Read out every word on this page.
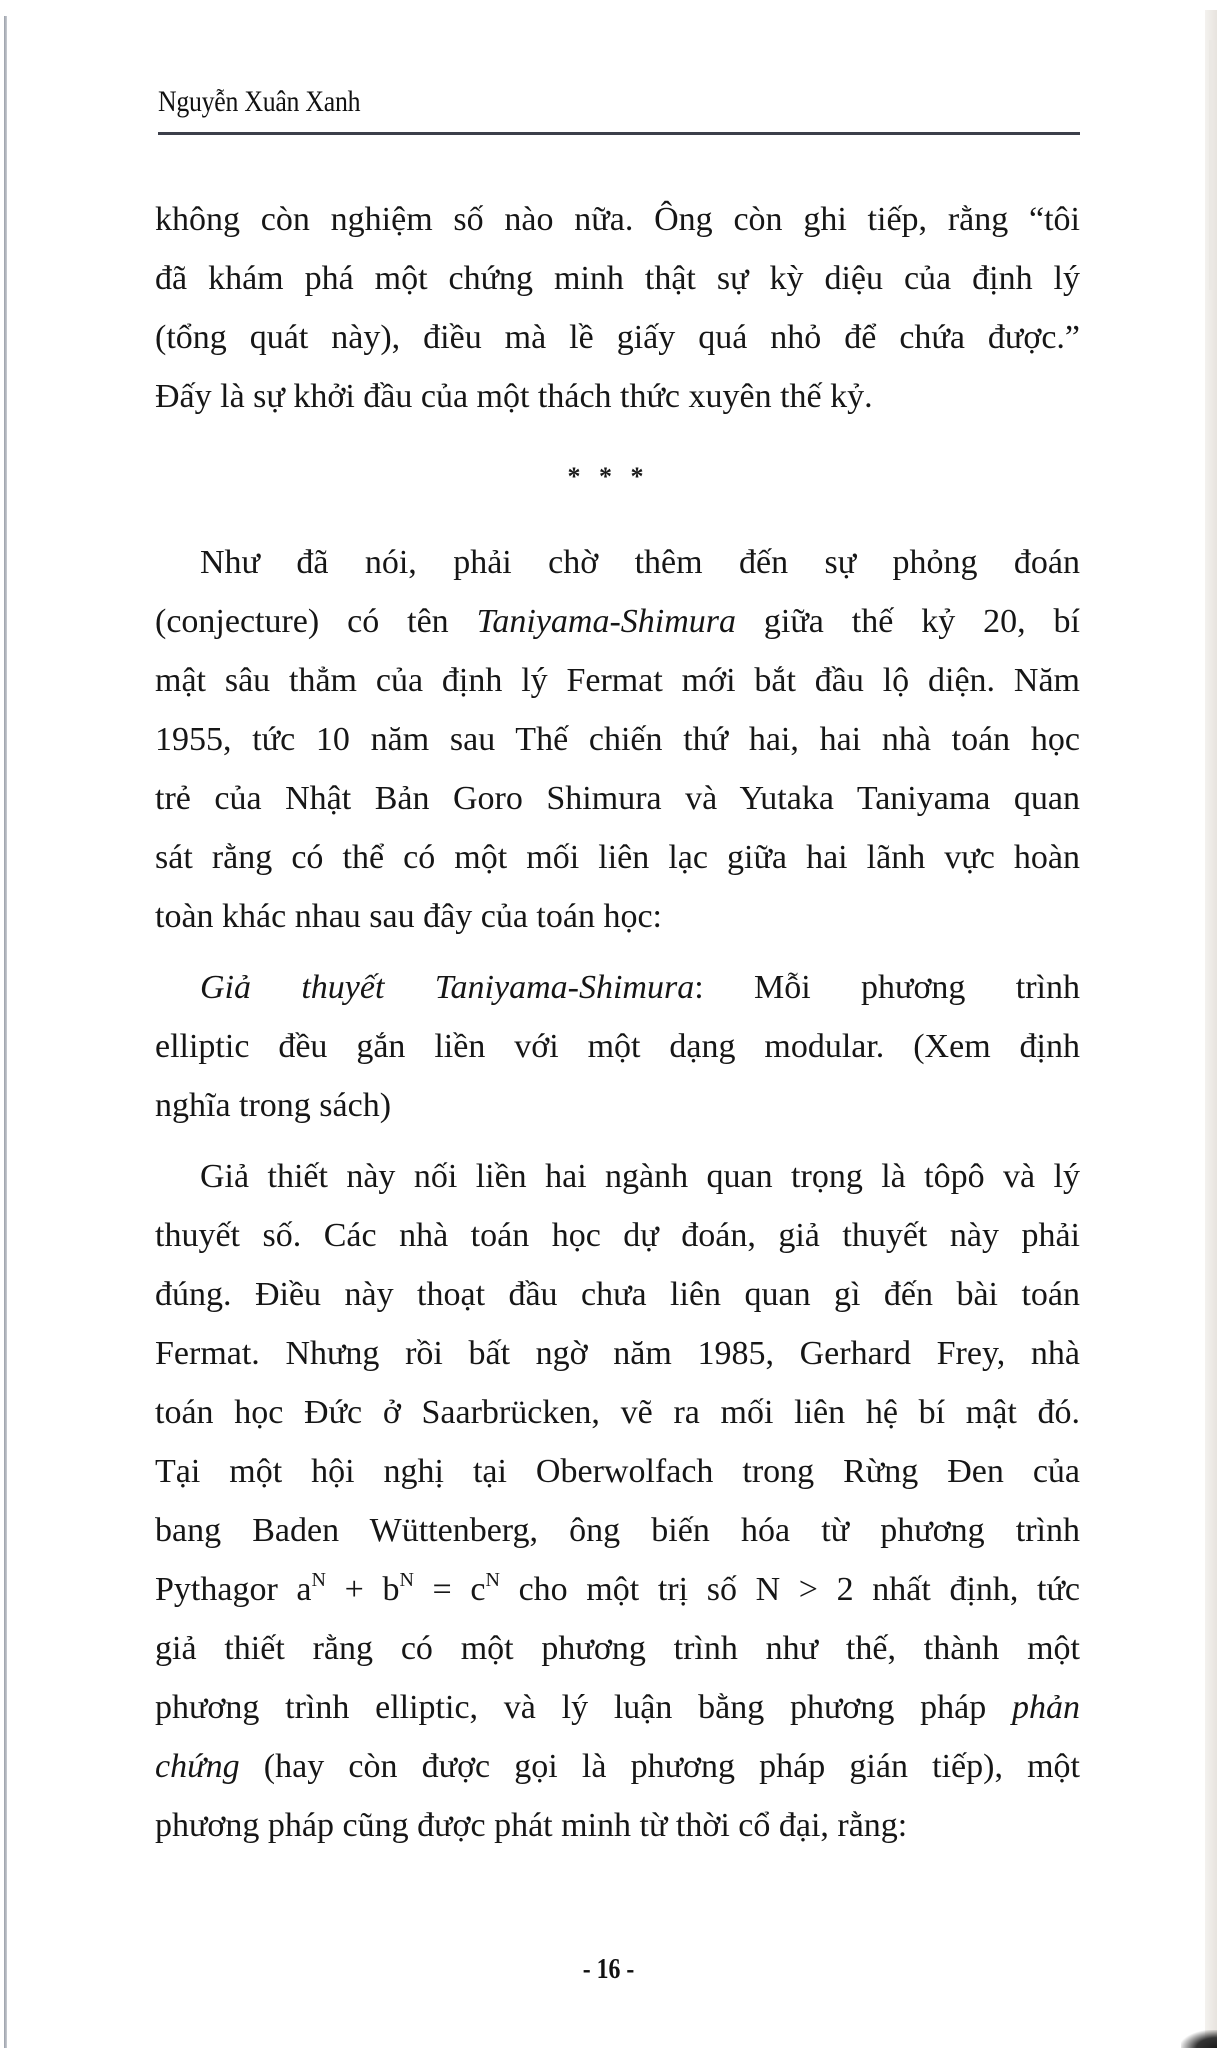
Nguyễn Xuân Xanh
không còn nghiệm số nào nữa. Ông còn ghi tiếp, rằng “tôi
đã khám phá một chứng minh thật sự kỳ diệu của định lý
(tổng quát này), điều mà lề giấy quá nhỏ để chứa được.”
Đấy là sự khởi đầu của một thách thức xuyên thế kỷ.
* * *
Như đã nói, phải chờ thêm đến sự phỏng đoán
(conjecture) có tên Taniyama-Shimura giữa thế kỷ 20, bí
mật sâu thẳm của định lý Fermat mới bắt đầu lộ diện. Năm
1955, tức 10 năm sau Thế chiến thứ hai, hai nhà toán học
trẻ của Nhật Bản Goro Shimura và Yutaka Taniyama quan
sát rằng có thể có một mối liên lạc giữa hai lãnh vực hoàn
toàn khác nhau sau đây của toán học:
Giả thuyết Taniyama-Shimura: Mỗi phương trình
elliptic đều gắn liền với một dạng modular. (Xem định
nghĩa trong sách)
Giả thiết này nối liền hai ngành quan trọng là tôpô và lý
thuyết số. Các nhà toán học dự đoán, giả thuyết này phải
đúng. Điều này thoạt đầu chưa liên quan gì đến bài toán
Fermat. Nhưng rồi bất ngờ năm 1985, Gerhard Frey, nhà
toán học Đức ở Saarbrücken, vẽ ra mối liên hệ bí mật đó.
Tại một hội nghị tại Oberwolfach trong Rừng Đen của
bang Baden Wüttenberg, ông biến hóa từ phương trình
Pythagor $a^N + b^N = c^N$ cho một trị số N > 2 nhất định, tức
giả thiết rằng có một phương trình như thế, thành một
phương trình elliptic, và lý luận bằng phương pháp phản
chứng (hay còn được gọi là phương pháp gián tiếp), một
phương pháp cũng được phát minh từ thời cổ đại, rằng:
- 16 -
